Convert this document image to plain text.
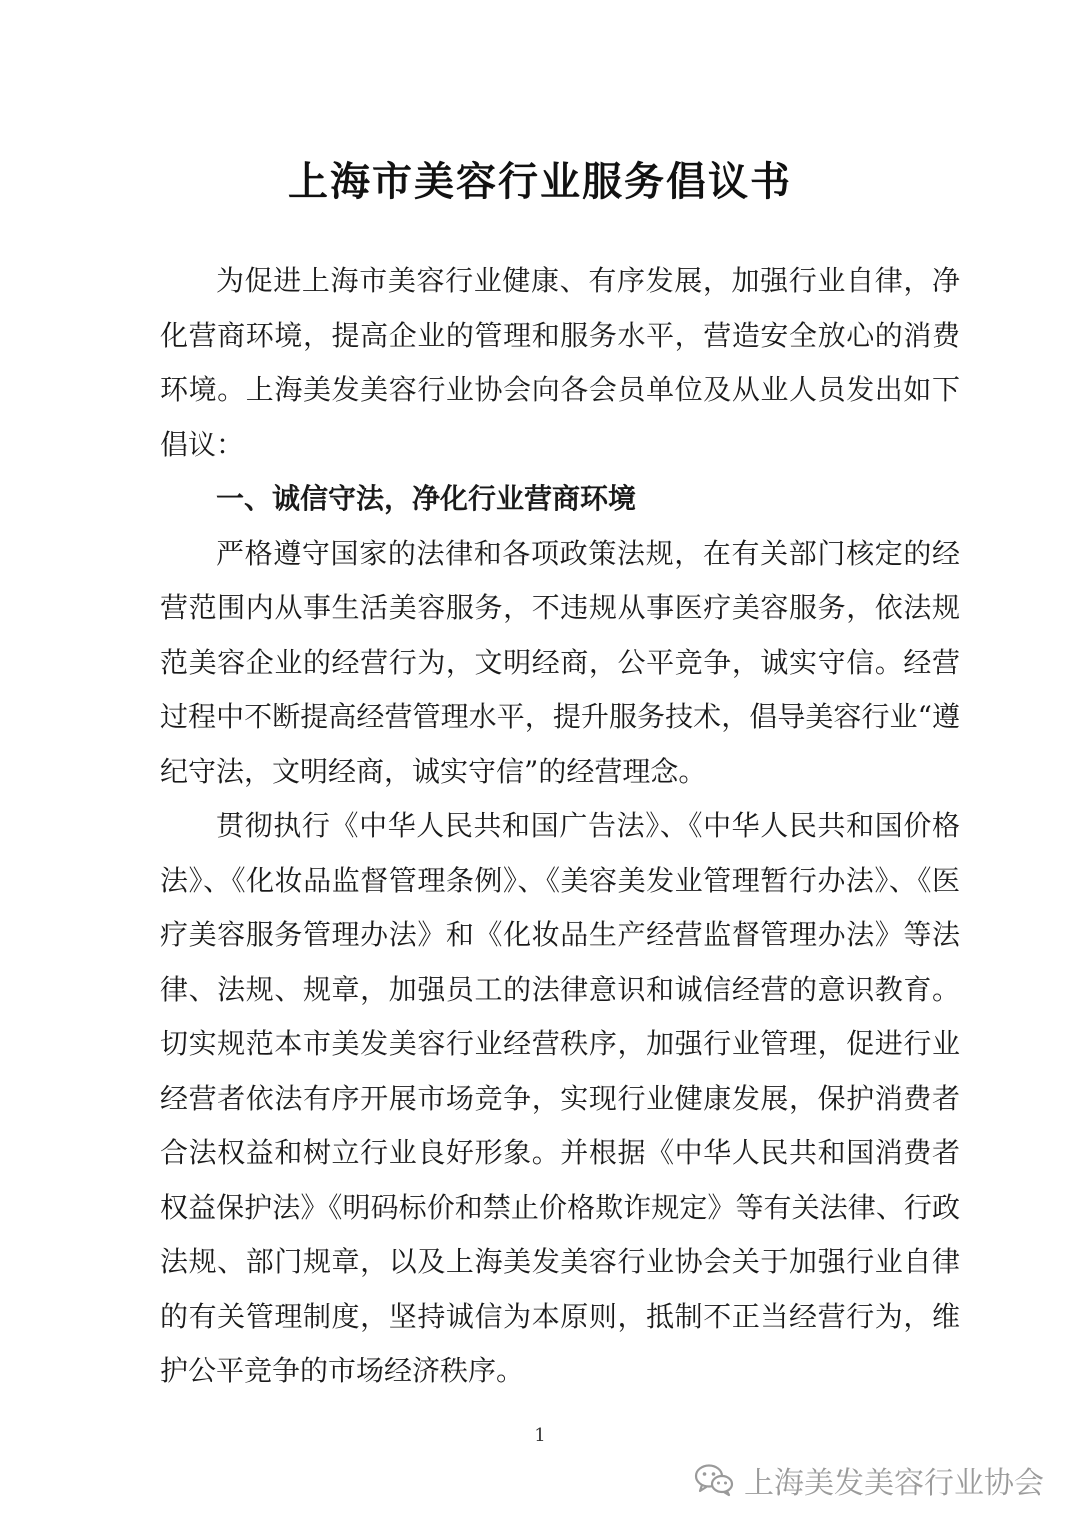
上海市美容行业服务倡议书

为促进上海市美容行业健康、有序发展，加强行业自律，净化营商环境，提高企业的管理和服务水平，营造安全放心的消费环境。上海美发美容行业协会向各会员单位及从业人员发出如下倡议：

一、诚信守法，净化行业营商环境

严格遵守国家的法律和各项政策法规，在有关部门核定的经营范围内从事生活美容服务，不违规从事医疗美容服务，依法规范美容企业的经营行为，文明经商，公平竞争，诚实守信。经营过程中不断提高经营管理水平，提升服务技术，倡导美容行业“遵纪守法，文明经商，诚实守信”的经营理念。

贯彻执行《中华人民共和国广告法》、《中华人民共和国价格法》、《化妆品监督管理条例》、《美容美发业管理暂行办法》、《医疗美容服务管理办法》和《化妆品生产经营监督管理办法》等法律、法规、规章，加强员工的法律意识和诚信经营的意识教育。切实规范本市美发美容行业经营秩序，加强行业管理，促进行业经营者依法有序开展市场竞争，实现行业健康发展，保护消费者合法权益和树立行业良好形象。并根据《中华人民共和国消费者权益保护法》《明码标价和禁止价格欺诈规定》等有关法律、行政法规、部门规章，以及上海美发美容行业协会关于加强行业自律的有关管理制度，坚持诚信为本原则，抵制不正当经营行为，维护公平竞争的市场经济秩序。

1
上海美发美容行业协会
